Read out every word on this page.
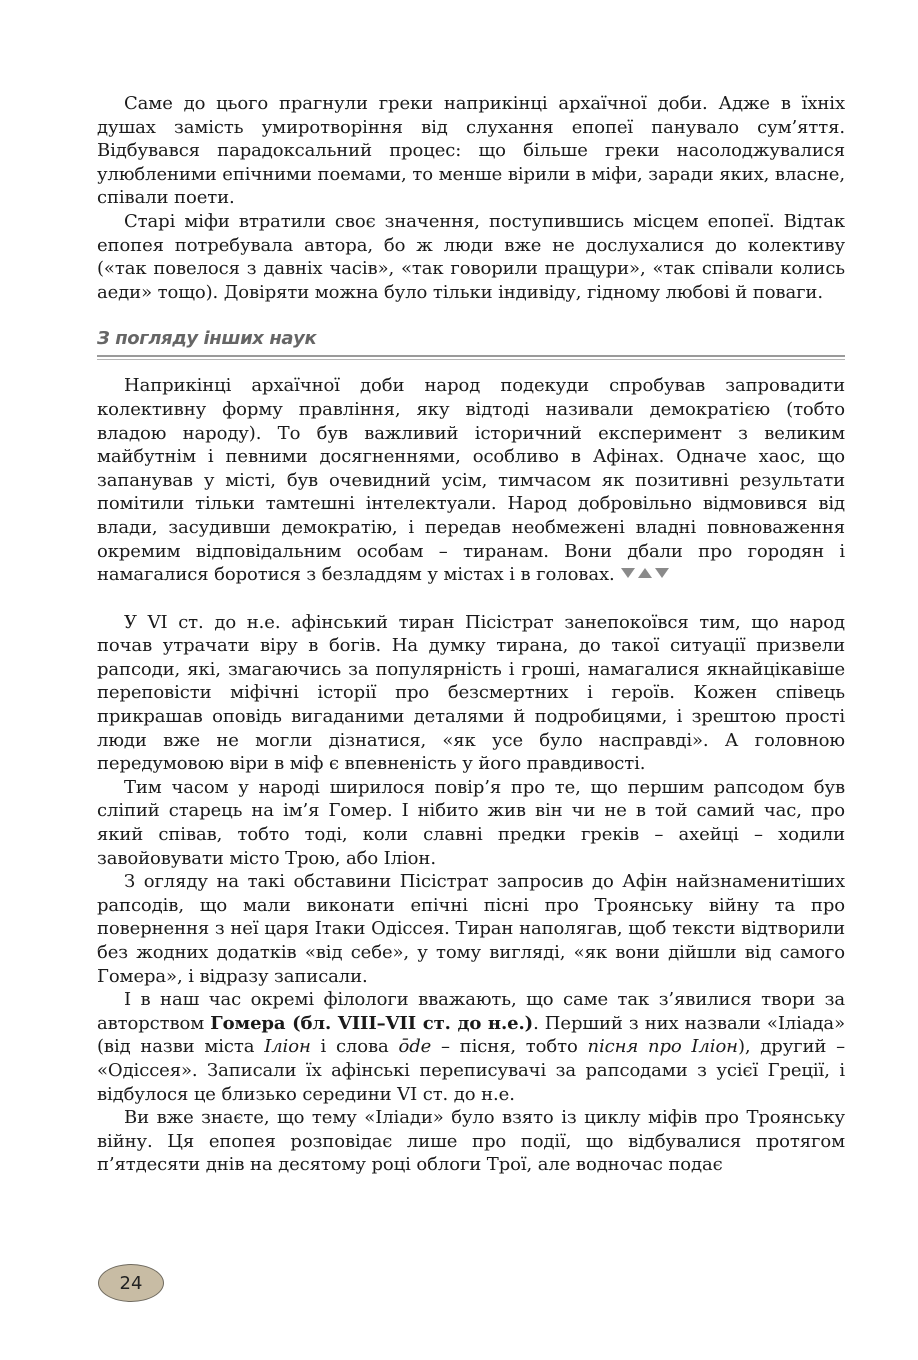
Саме до цього прагнули греки наприкінці архаїчної доби. Адже в їхніх душах замість умиротворіння від слухання епопеї панувало сум’яття. Відбувався парадоксальний процес: що більше греки насолоджувалися улюбленими епічними поемами, то менше вірили в міфи, заради яких, власне, співали поети.

Старі міфи втратили своє значення, поступившись місцем епопеї. Відтак епопея потребувала автора, бо ж люди вже не дослухалися до колективу («так повелося з давніх часів», «так говорили пращури», «так співали колись аеди» тощо). Довіряти можна було тільки індивіду, гідному любові й поваги.

З погляду інших наук

Наприкінці архаїчної доби народ подекуди спробував запровадити колективну форму правління, яку відтоді називали демократією (тобто владою народу). То був важливий історичний експеримент з великим майбутнім і певними досягненнями, особливо в Афінах. Одначе хаос, що запанував у місті, був очевидний усім, тимчасом як позитивні результати помітили тільки тамтешні інтелектуали. Народ добровільно відмовився від влади, засудивши демократію, і передав необмежені владні повноваження окремим відповідальним особам – тиранам. Вони дбали про городян і намагалися боротися з безладдям у містах і в головах.

У VI ст. до н.е. афінський тиран Пісістрат занепокоївся тим, що народ почав утрачати віру в богів. На думку тирана, до такої ситуації призвели рапсоди, які, змагаючись за популярність і гроші, намагалися якнайцікавіше переповісти міфічні історії про безсмертних і героїв. Кожен співець прикрашав оповідь вигаданими деталями й подробицями, і зрештою прості люди вже не могли дізнатися, «як усе було насправді». А головною передумовою віри в міф є впевненість у його правдивості.

Тим часом у народі ширилося повір’я про те, що першим рапсодом був сліпий старець на ім’я Гомер. І нібито жив він чи не в той самий час, про який співав, тобто тоді, коли славні предки греків – ахейці – ходили завойовувати місто Трою, або Іліон.

З огляду на такі обставини Пісістрат запросив до Афін найзнаменитіших рапсодів, що мали виконати епічні пісні про Троянську війну та про повернення з неї царя Ітаки Одіссея. Тиран наполягав, щоб тексти відтворили без жодних додатків «від себе», у тому вигляді, «як вони дійшли від самого Гомера», і відразу записали.

І в наш час окремі філологи вважають, що саме так з’явилися твори за авторством Гомера (бл. VIII–VII ст. до н.е.). Перший з них назвали «Іліада» (від назви міста Іліон і слова ōde – пісня, тобто пісня про Іліон), другий – «Одіссея». Записали їх афінські переписувачі за рапсодами з усієї Греції, і відбулося це близько середини VI ст. до н.е.

Ви вже знаєте, що тему «Іліади» було взято із циклу міфів про Троянську війну. Ця епопея розповідає лише про події, що відбувалися протягом п’ятдесяти днів на десятому році облоги Трої, але водночас подає

24
